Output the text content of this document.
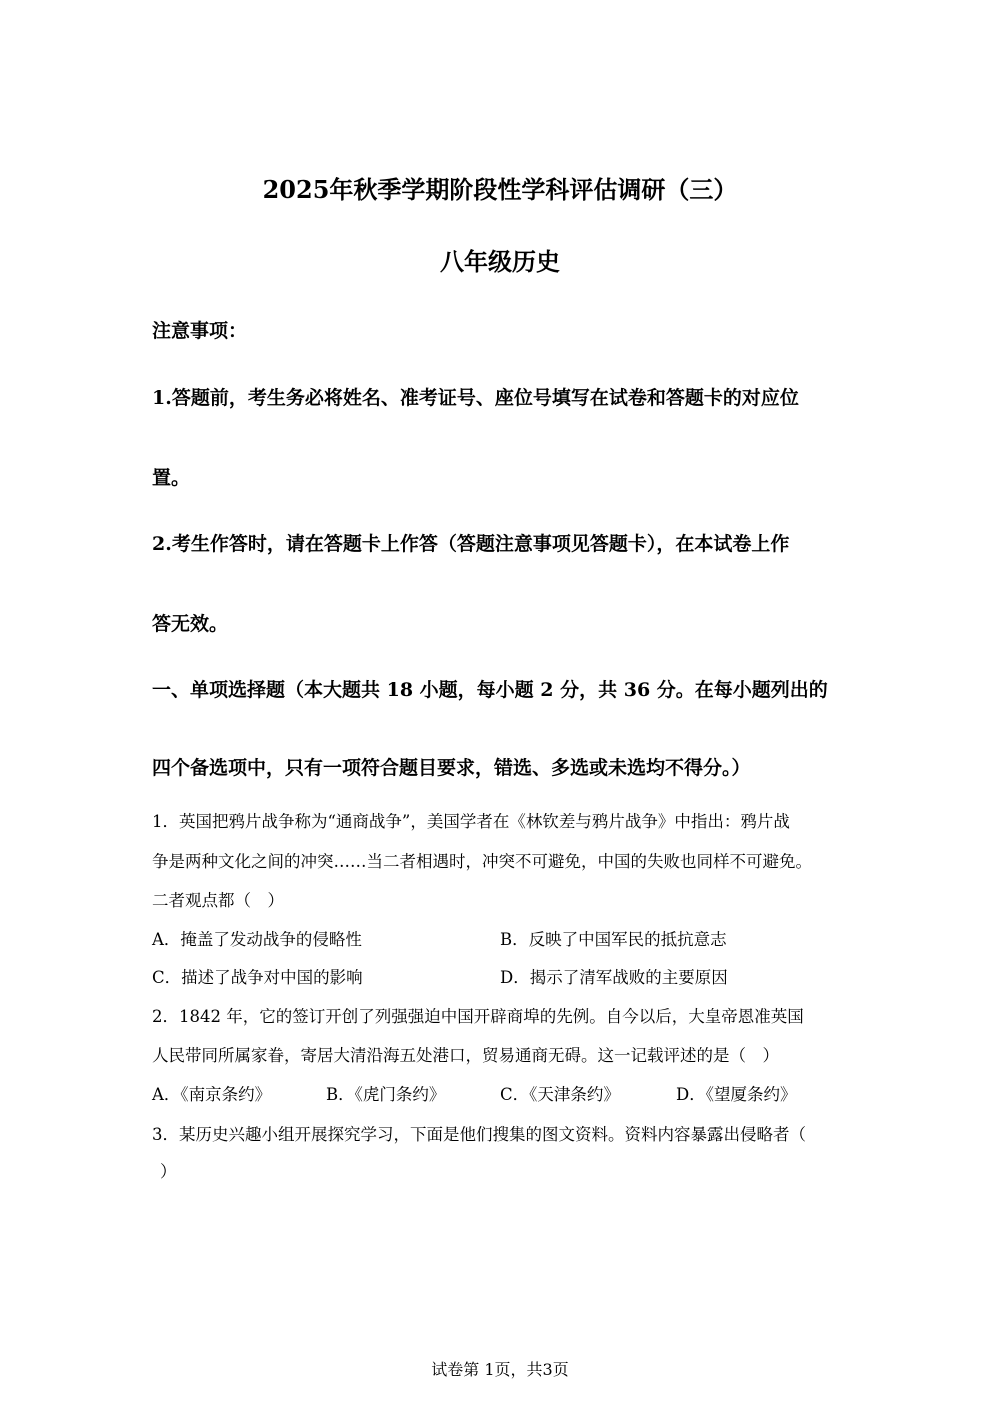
2025年秋季学期阶段性学科评估调研（三）
八年级历史
注意事项：
1.答题前，考生务必将姓名、准考证号、座位号填写在试卷和答题卡的对应位
置。
2.考生作答时，请在答题卡上作答（答题注意事项见答题卡），在本试卷上作
答无效。
一、单项选择题（本大题共 18 小题，每小题 2 分，共 36 分。在每小题列出的
四个备选项中，只有一项符合题目要求，错选、多选或未选均不得分。）
1．英国把鸦片战争称为“通商战争”，美国学者在《林钦差与鸦片战争》中指出：鸦片战
争是两种文化之间的冲突……当二者相遇时，冲突不可避免，中国的失败也同样不可避免。
二者观点都（　）
A．掩盖了发动战争的侵略性	B．反映了中国军民的抵抗意志
C．描述了战争对中国的影响	D．揭示了清军战败的主要原因
2．1842 年，它的签订开创了列强强迫中国开辟商埠的先例。自今以后，大皇帝恩准英国
人民带同所属家眷，寄居大清沿海五处港口，贸易通商无碍。这一记载评述的是（　）
A．《南京条约》	B．《虎门条约》	C．《天津条约》	D．《望厦条约》
3．某历史兴趣小组开展探究学习，下面是他们搜集的图文资料。资料内容暴露出侵略者（
）
试卷第 1页，共3页
